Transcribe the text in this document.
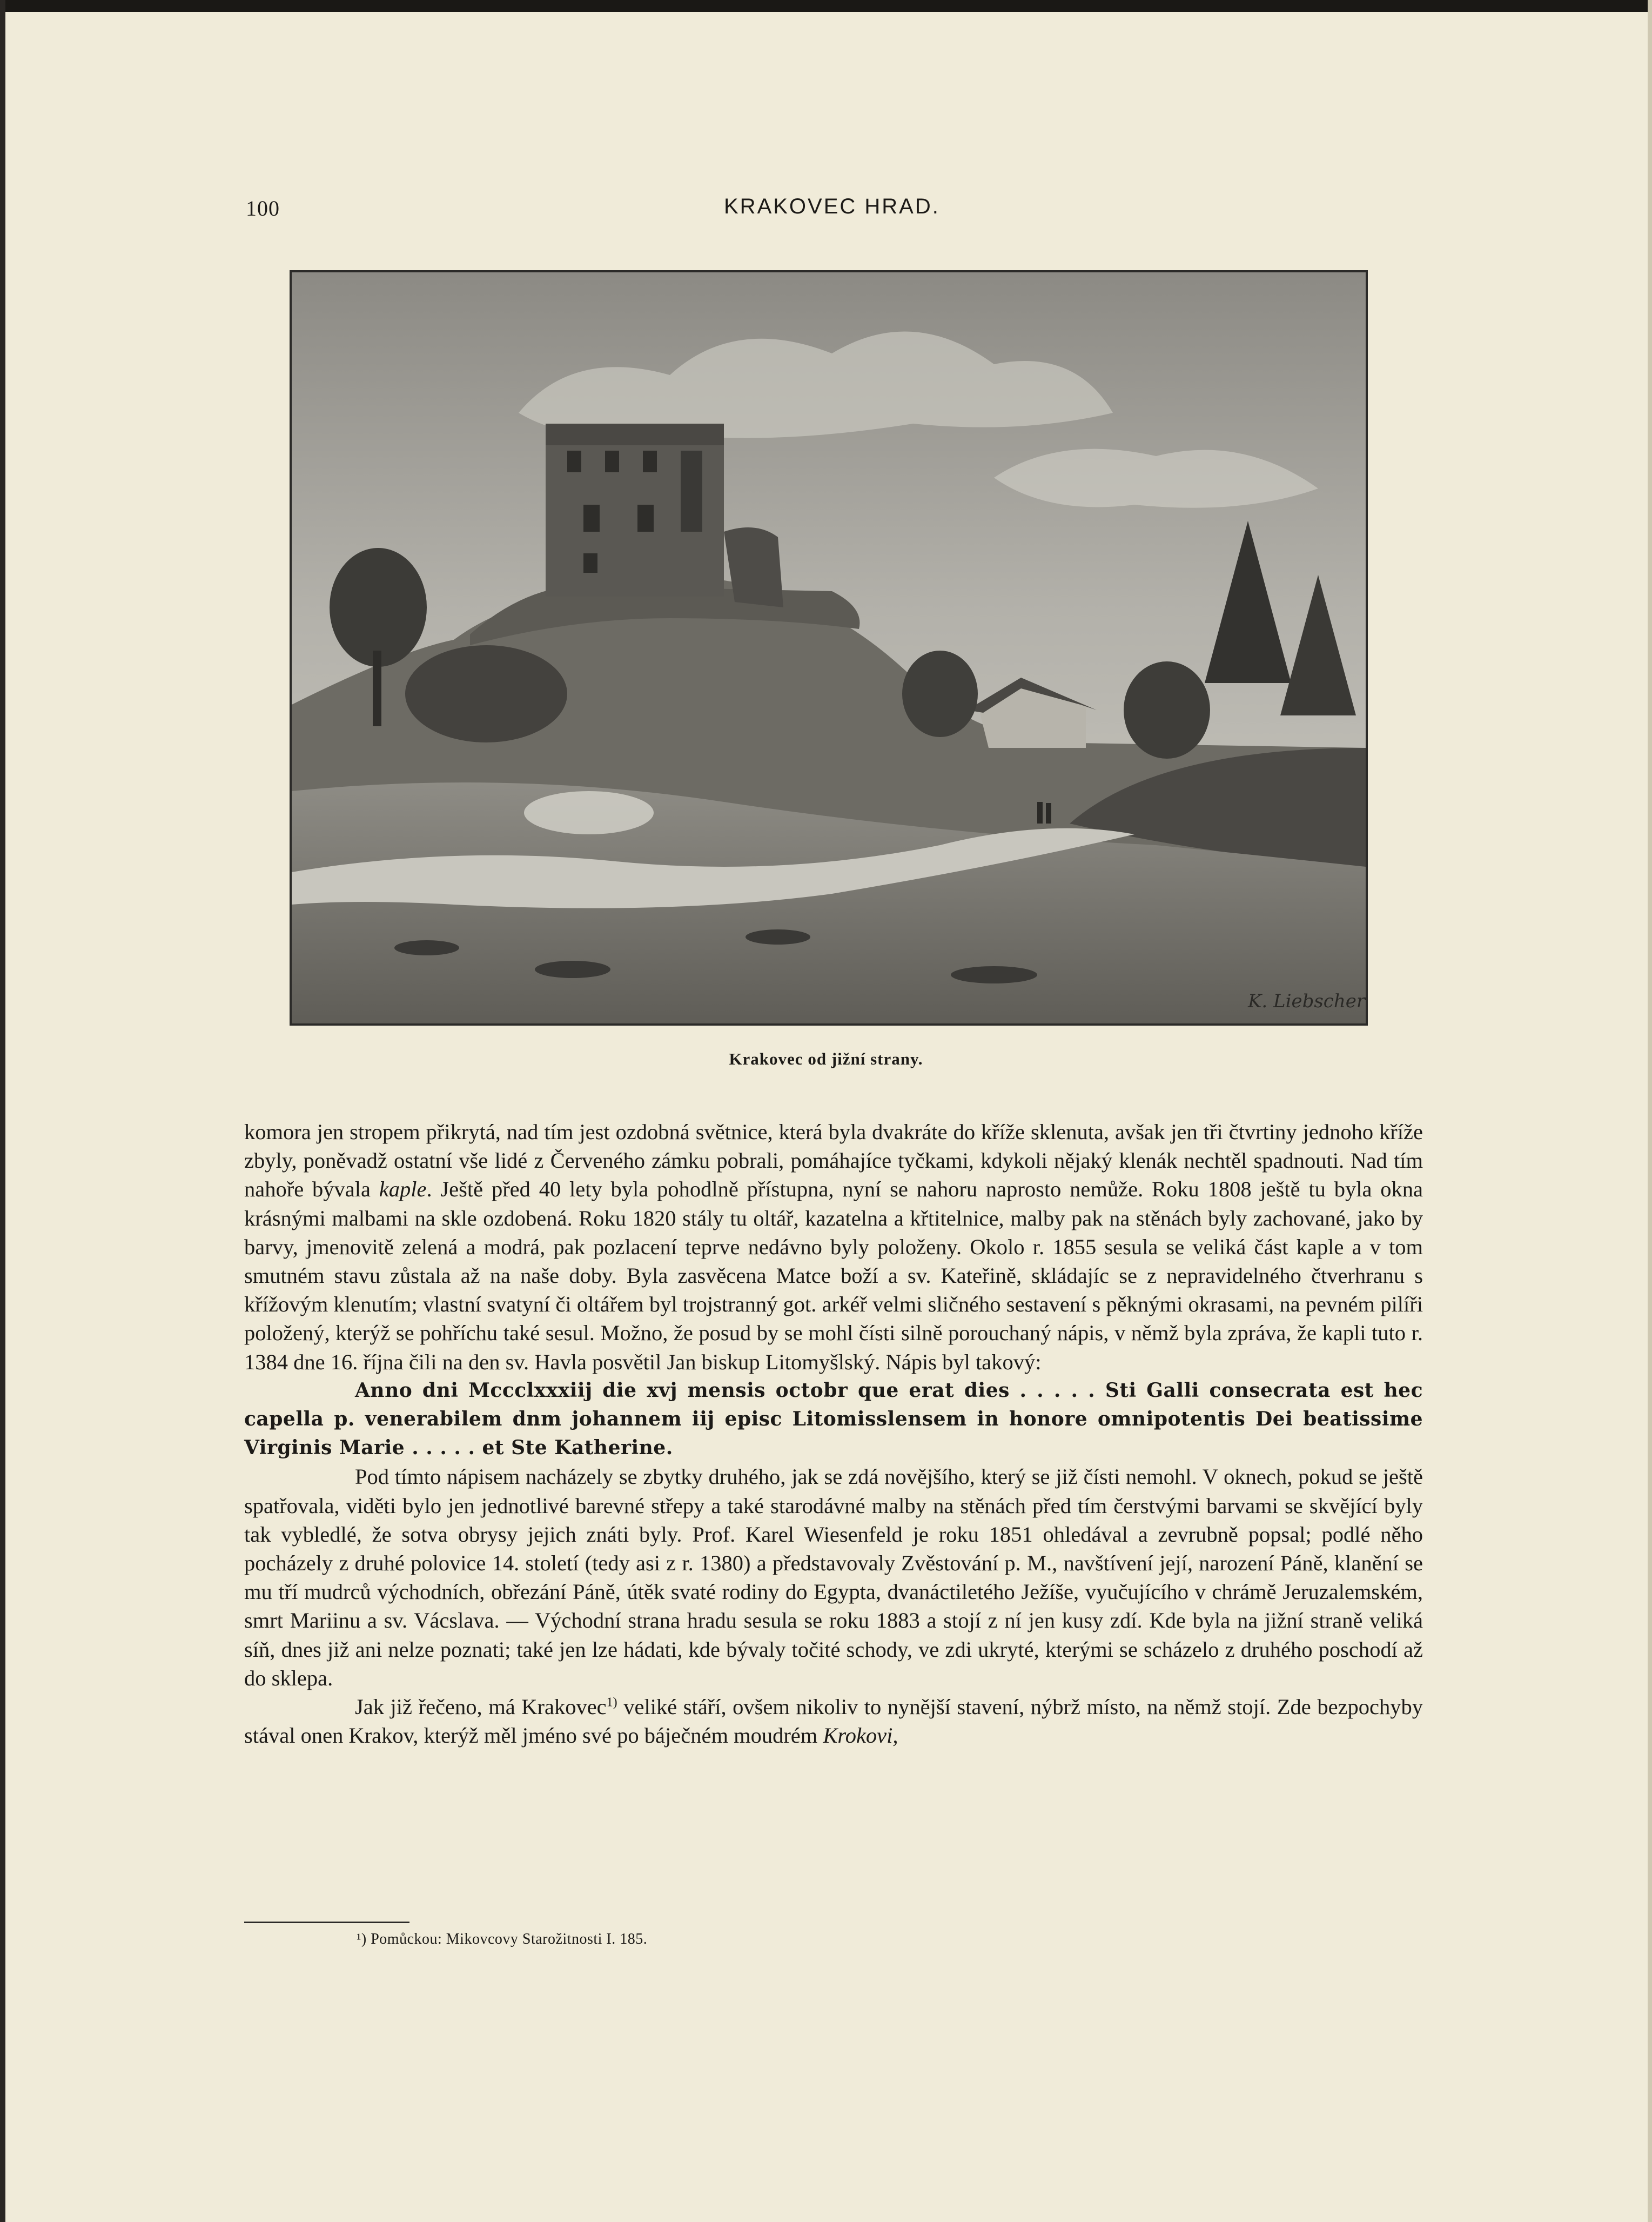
100	KRAKOVEC HRAD.
K. Liebscher
Krakovec od jižní strany.

komora jen stropem přikrytá, nad tím jest ozdobná světnice, která byla dvakráte do kříže sklenuta, avšak jen tři čtvrtiny jednoho kříže zbyly, poněvadž ostatní vše lidé z Červeného zámku pobrali, pomáhajíce tyčkami, kdykoli nějaký klenák nechtěl spadnouti. Nad tím nahoře bývala kaple. Ještě před 40 lety byla pohodlně přístupna, nyní se nahoru naprosto nemůže. Roku 1808 ještě tu byla okna krásnými malbami na skle ozdobená. Roku 1820 stály tu oltář, kazatelna a křtitelnice, malby pak na stěnách byly zachované, jako by barvy, jmenovitě zelená a modrá, pak pozlacení teprve nedávno byly položeny. Okolo r. 1855 sesula se veliká část kaple a v tom smutném stavu zůstala až na naše doby. Byla zasvěcena Matce boží a sv. Kateřině, skládajíc se z nepravidelného čtverhranu s křížovým klenutím; vlastní svatyní či oltářem byl trojstranný got. arkéř velmi sličného sestavení s pěknými okrasami, na pevném pilíři položený, kterýž se pohříchu také sesul. Možno, že posud by se mohl čísti silně porouchaný nápis, v němž byla zpráva, že kapli tuto r. 1384 dne 16. října čili na den sv. Havla posvětil Jan biskup Litomyšlský. Nápis byl takový:

Anno dni Mccclxxxiij die xvj mensis octobr que erat dies . . . . . Sti Galli consecrata est hec capella p. venerabilem dnm johannem iij episc Litomisslensem in honore omnipotentis Dei beatissime Virginis Marie . . . . . et Ste Katherine.

Pod tímto nápisem nacházely se zbytky druhého, jak se zdá novějšího, který se již čísti nemohl. V oknech, pokud se ještě spatřovala, viděti bylo jen jednotlivé barevné střepy a také starodávné malby na stěnách před tím čerstvými barvami se skvějící byly tak vybledlé, že sotva obrysy jejich znáti byly. Prof. Karel Wiesenfeld je roku 1851 ohledával a zevrubně popsal; podlé něho pocházely z druhé polovice 14. století (tedy asi z r. 1380) a představovaly Zvěstování p. M., navštívení její, narození Páně, klanění se mu tří mudrců východních, obřezání Páně, útěk svaté rodiny do Egypta, dvanáctiletého Ježíše, vyučujícího v chrámě Jeruzalemském, smrt Mariinu a sv. Vácslava. — Východní strana hradu sesula se roku 1883 a stojí z ní jen kusy zdí. Kde byla na jižní straně veliká síň, dnes již ani nelze poznati; také jen lze hádati, kde bývaly točité schody, ve zdi ukryté, kterými se scházelo z druhého poschodí až do sklepa.

Jak již řečeno, má Krakovec$^{1)}$ veliké stáří, ovšem nikoliv to nynější stavení, nýbrž místo, na němž stojí. Zde bezpochyby stával onen Krakov, kterýž měl jméno své po báječném moudrém Krokovi,

¹) Pomůckou: Mikovcovy Starožitnosti I. 185.
